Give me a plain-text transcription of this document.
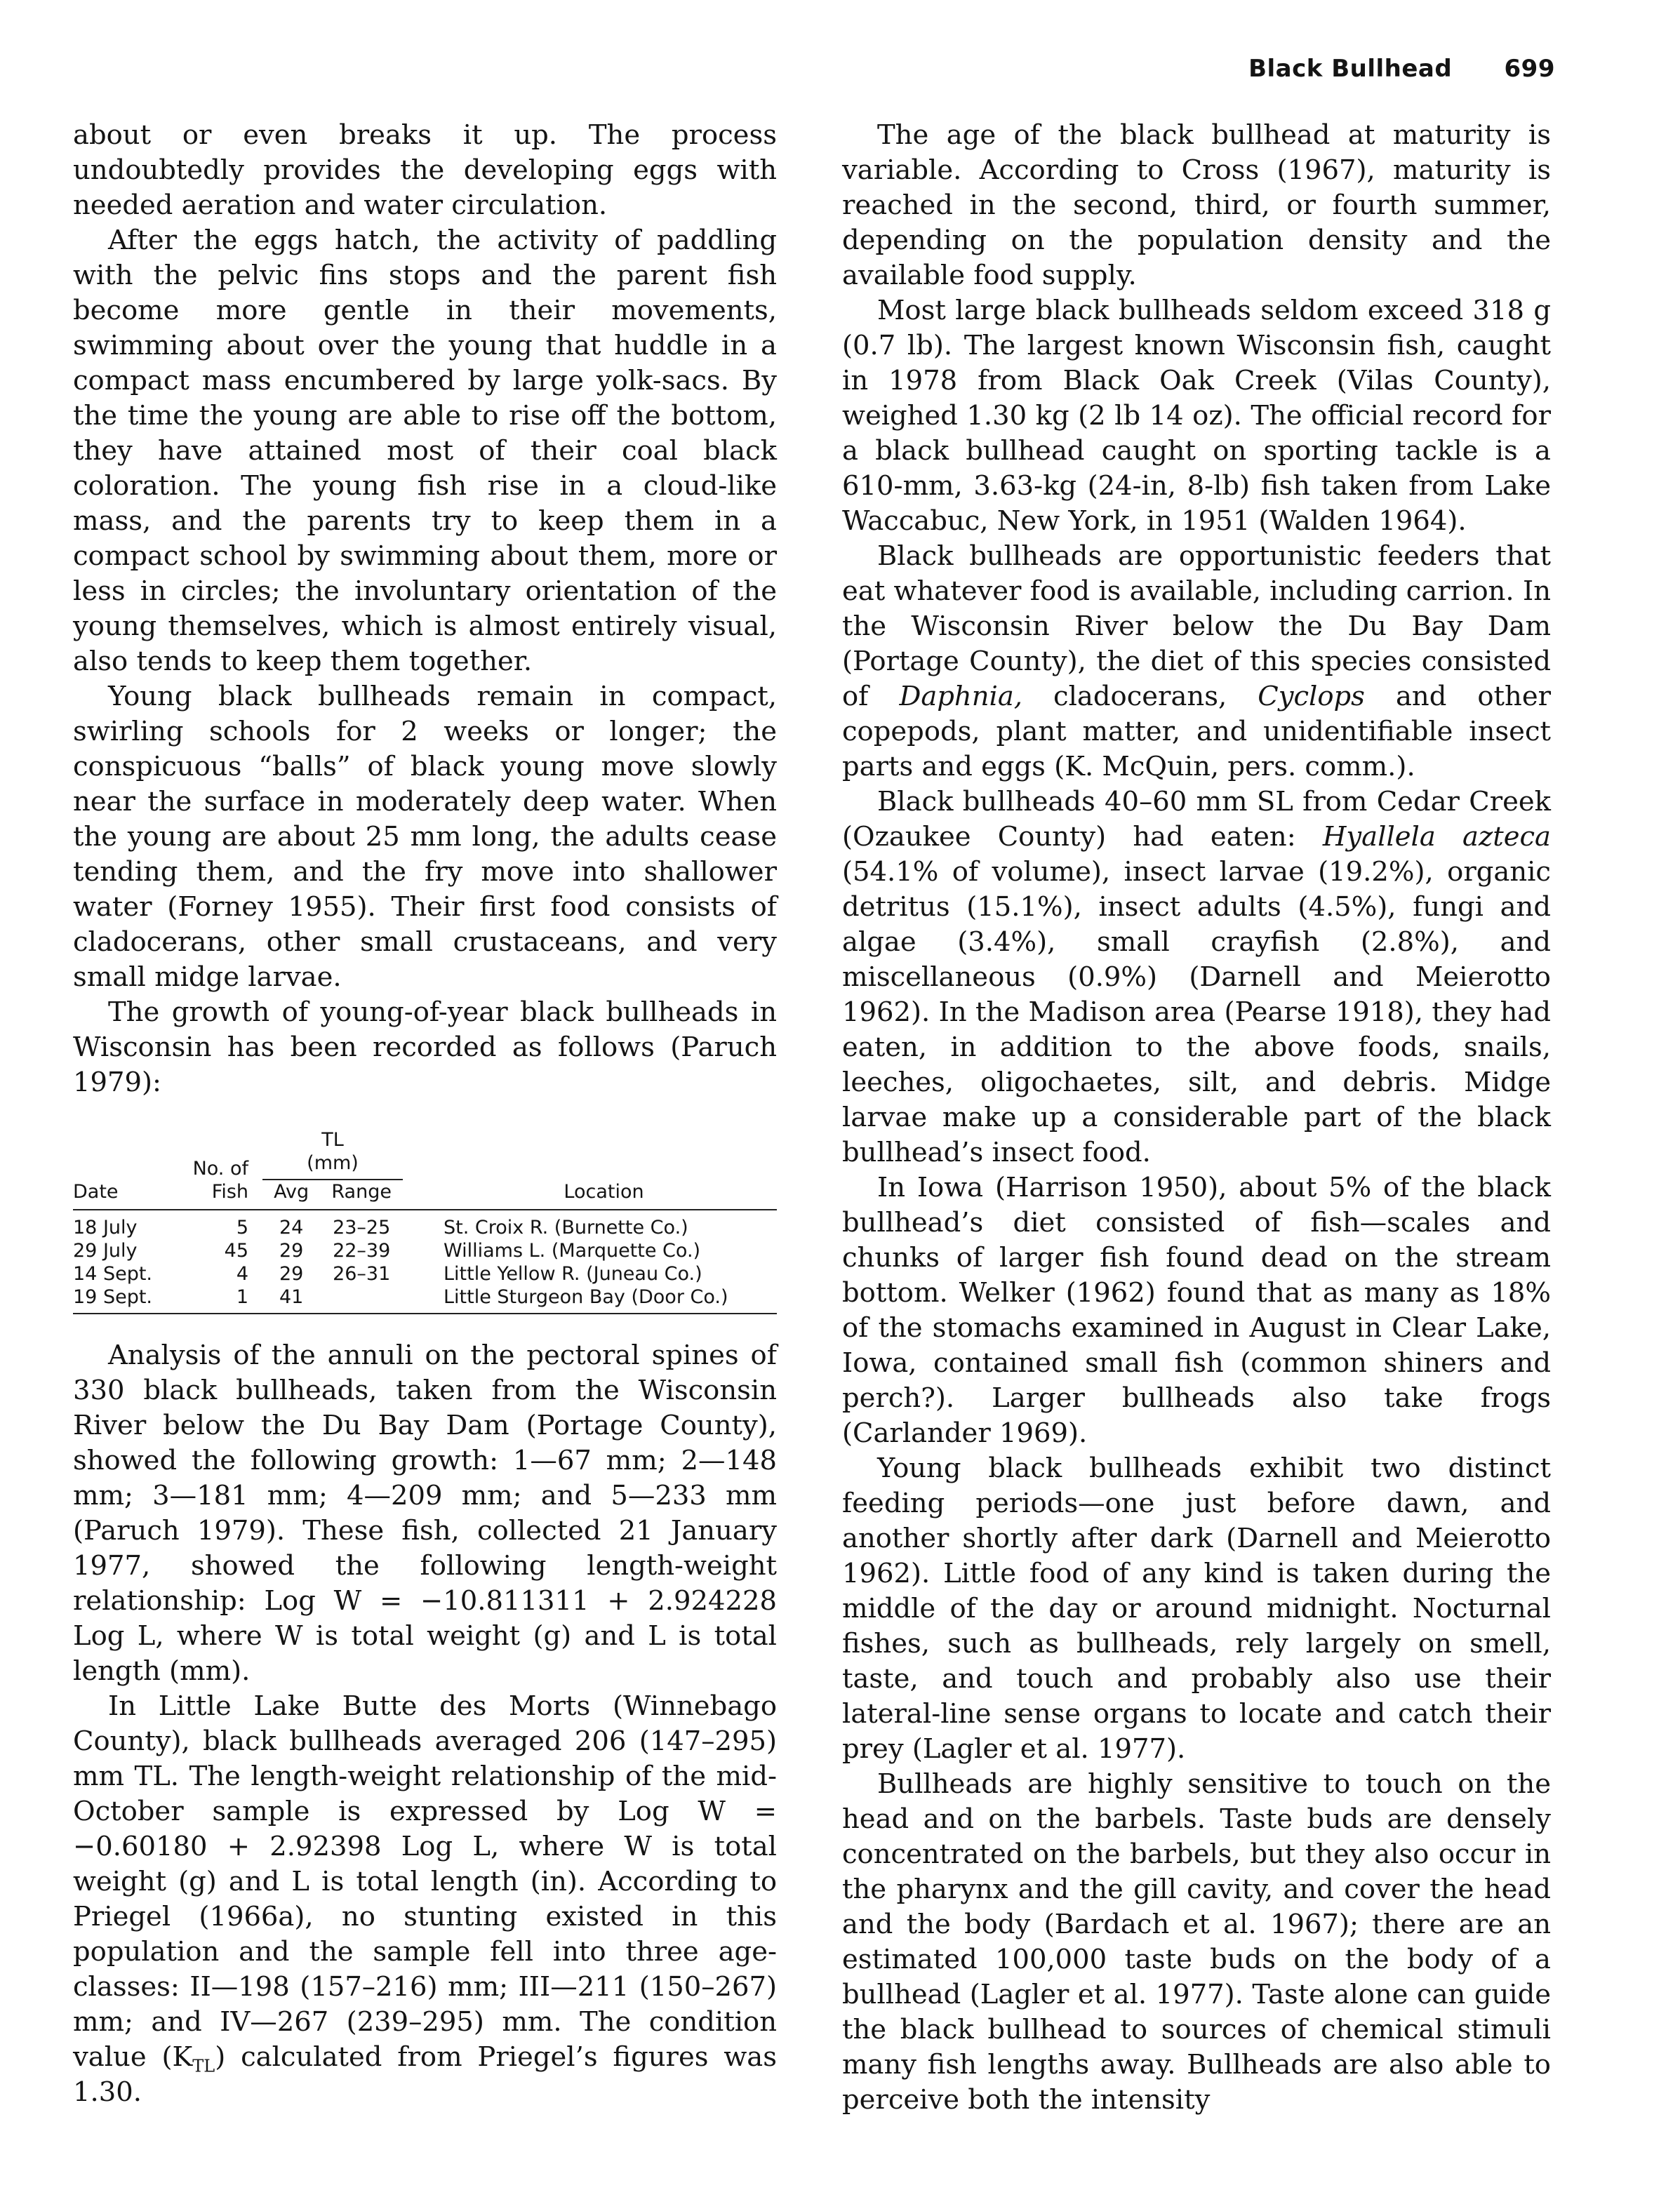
Black Bullhead 699

about or even breaks it up. The process undoubtedly provides the developing eggs with needed aeration and water circulation.

After the eggs hatch, the activity of paddling with the pelvic fins stops and the parent fish become more gentle in their movements, swimming about over the young that huddle in a compact mass encumbered by large yolk-sacs. By the time the young are able to rise off the bottom, they have attained most of their coal black coloration. The young fish rise in a cloud-like mass, and the parents try to keep them in a compact school by swimming about them, more or less in circles; the involuntary orientation of the young themselves, which is almost entirely visual, also tends to keep them together.

Young black bullheads remain in compact, swirling schools for 2 weeks or longer; the conspicuous “balls” of black young move slowly near the surface in moderately deep water. When the young are about 25 mm long, the adults cease tending them, and the fry move into shallower water (Forney 1955). Their first food consists of cladocerans, other small crustaceans, and very small midge larvae.

The growth of young-of-year black bullheads in Wisconsin has been recorded as follows (Paruch 1979):

		TL		
	No. of	(mm)		
Date	Fish	Avg	Range	Location
18 July	5	24	23–25	St. Croix R. (Burnette Co.)
29 July	45	29	22–39	Williams L. (Marquette Co.)
14 Sept.	4	29	26–31	Little Yellow R. (Juneau Co.)
19 Sept.	1	41		Little Sturgeon Bay (Door Co.)

Analysis of the annuli on the pectoral spines of 330 black bullheads, taken from the Wisconsin River below the Du Bay Dam (Portage County), showed the following growth: 1—67 mm; 2—148 mm; 3—181 mm; 4—209 mm; and 5—233 mm (Paruch 1979). These fish, collected 21 January 1977, showed the following length-weight relationship: Log W = −10.811311 + 2.924228 Log L, where W is total weight (g) and L is total length (mm).

In Little Lake Butte des Morts (Winnebago County), black bullheads averaged 206 (147–295) mm TL. The length-weight relationship of the mid-October sample is expressed by Log W = −0.60180 + 2.92398 Log L, where W is total weight (g) and L is total length (in). According to Priegel (1966a), no stunting existed in this population and the sample fell into three age-classes: II—198 (157–216) mm; III—211 (150–267) mm; and IV—267 (239–295) mm. The condition value $(K_{TL})$ calculated from Priegel’s figures was 1.30.

The age of the black bullhead at maturity is variable. According to Cross (1967), maturity is reached in the second, third, or fourth summer, depending on the population density and the available food supply.

Most large black bullheads seldom exceed 318 g (0.7 lb). The largest known Wisconsin fish, caught in 1978 from Black Oak Creek (Vilas County), weighed 1.30 kg (2 lb 14 oz). The official record for a black bullhead caught on sporting tackle is a 610-mm, 3.63-kg (24-in, 8-lb) fish taken from Lake Waccabuc, New York, in 1951 (Walden 1964).

Black bullheads are opportunistic feeders that eat whatever food is available, including carrion. In the Wisconsin River below the Du Bay Dam (Portage County), the diet of this species consisted of Daphnia, cladocerans, Cyclops and other copepods, plant matter, and unidentifiable insect parts and eggs (K. McQuin, pers. comm.).

Black bullheads 40–60 mm SL from Cedar Creek (Ozaukee County) had eaten: Hyallela azteca (54.1% of volume), insect larvae (19.2%), organic detritus (15.1%), insect adults (4.5%), fungi and algae (3.4%), small crayfish (2.8%), and miscellaneous (0.9%) (Darnell and Meierotto 1962). In the Madison area (Pearse 1918), they had eaten, in addition to the above foods, snails, leeches, oligochaetes, silt, and debris. Midge larvae make up a considerable part of the black bullhead’s insect food.

In Iowa (Harrison 1950), about 5% of the black bullhead’s diet consisted of fish—scales and chunks of larger fish found dead on the stream bottom. Welker (1962) found that as many as 18% of the stomachs examined in August in Clear Lake, Iowa, contained small fish (common shiners and perch?). Larger bullheads also take frogs (Carlander 1969).

Young black bullheads exhibit two distinct feeding periods—one just before dawn, and another shortly after dark (Darnell and Meierotto 1962). Little food of any kind is taken during the middle of the day or around midnight. Nocturnal fishes, such as bullheads, rely largely on smell, taste, and touch and probably also use their lateral-line sense organs to locate and catch their prey (Lagler et al. 1977).

Bullheads are highly sensitive to touch on the head and on the barbels. Taste buds are densely concentrated on the barbels, but they also occur in the pharynx and the gill cavity, and cover the head and the body (Bardach et al. 1967); there are an estimated 100,000 taste buds on the body of a bullhead (Lagler et al. 1977). Taste alone can guide the black bullhead to sources of chemical stimuli many fish lengths away. Bullheads are also able to perceive both the intensity
